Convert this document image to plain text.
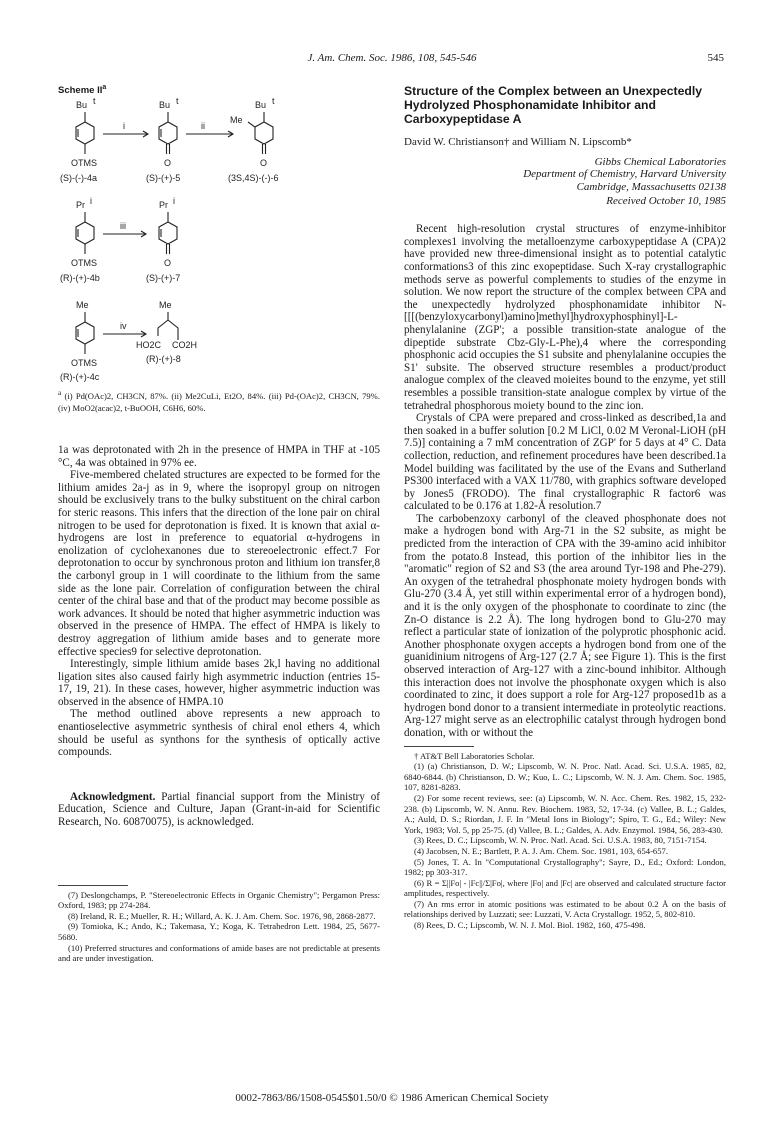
J. Am. Chem. Soc. 1986, 108, 545-546	545
Scheme $II^a$
Bu t	Bu t	Bu t
i	ii
Me
OTMS	O	O
(S)-(-)-4a	(S)-(+)-5	(3S,4S)-(-)-6
Pr i	Pr i
iii
OTMS	O
(R)-(+)-4b	(S)-(+)-7
Me	Me
iv
HO2C CO2H
OTMS	(R)-(+)-8
(R)-(+)-4c
$^a$ (i) Pd(OAc)2, CH3CN, 87%. (ii) Me2CuLi, Et2O, 84%. (iii) Pd-(OAc)2, CH3CN, 79%. (iv) MoO2(acac)2, t-BuOOH, C6H6, 60%.

1a was deprotonated with 2h in the presence of HMPA in THF at -105 °C, 4a was obtained in 97% ee.

Five-membered chelated structures are expected to be formed for the lithium amides 2a-j as in 9, where the isopropyl group on nitrogen should be exclusively trans to the bulky substituent on the chiral carbon for steric reasons. This infers that the direction of the lone pair on chiral nitrogen to be used for deprotonation is fixed. It is known that axial α-hydrogens are lost in preference to equatorial α-hydrogens in enolization of cyclohexanones due to stereoelectronic effect.7 For deprotonation to occur by synchronous proton and lithium ion transfer,8 the carbonyl group in 1 will coordinate to the lithium from the same side as the lone pair. Correlation of configuration between the chiral center of the chiral base and that of the product may become possible as work advances. It should be noted that higher asymmetric induction was observed in the presence of HMPA. The effect of HMPA is likely to destroy aggregation of lithium amide bases and to generate more effective species9 for selective deprotonation.

Interestingly, simple lithium amide bases 2k,l having no additional ligation sites also caused fairly high asymmetric induction (entries 15-17, 19, 21). In these cases, however, higher asymmetric induction was observed in the absence of HMPA.10

The method outlined above represents a new approach to enantioselective asymmetric synthesis of chiral enol ethers 4, which should be useful as synthons for the synthesis of optically active compounds.

Acknowledgment. Partial financial support from the Ministry of Education, Science and Culture, Japan (Grant-in-aid for Scientific Research, No. 60870075), is acknowledged.

(7) Deslongchamps, P. "Stereoelectronic Effects in Organic Chemistry"; Pergamon Press: Oxford, 1983; pp 274-284.

(8) Ireland, R. E.; Mueller, R. H.; Willard, A. K. J. Am. Chem. Soc. 1976, 98, 2868-2877.

(9) Tomioka, K.; Ando, K.; Takemasa, Y.; Koga, K. Tetrahedron Lett. 1984, 25, 5677-5680.

(10) Preferred structures and conformations of amide bases are not predictable at presents and are under investigation.

Structure of the Complex between an Unexpectedly Hydrolyzed Phosphonamidate Inhibitor and Carboxypeptidase A
David W. Christianson† and William N. Lipscomb*
Gibbs Chemical Laboratories
Department of Chemistry, Harvard University
Cambridge, Massachusetts 02138
Received October 10, 1985

Recent high-resolution crystal structures of enzyme-inhibitor complexes1 involving the metalloenzyme carboxypeptidase A (CPA)2 have provided new three-dimensional insight as to potential catalytic conformations3 of this zinc exopeptidase. Such X-ray crystallographic methods serve as powerful complements to studies of the enzyme in solution. We now report the structure of the complex between CPA and the unexpectedly hydrolyzed phosphonamidate inhibitor N-[[[(benzyloxycarbonyl)amino]methyl]hydroxyphosphinyl]-L-phenylalanine (ZGP'; a possible transition-state analogue of the dipeptide substrate Cbz-Gly-L-Phe),4 where the corresponding phosphonic acid occupies the S1 subsite and phenylalanine occupies the S1' subsite. The observed structure resembles a product/product analogue complex of the cleaved moieites bound to the enzyme, yet still resembles a possible transition-state analogue complex by virtue of the tetrahedral phosphorous moiety bound to the zinc ion.

Crystals of CPA were prepared and cross-linked as described,1a and then soaked in a buffer solution [0.2 M LiCl, 0.02 M Veronal-LiOH (pH 7.5)] containing a 7 mM concentration of ZGP' for 5 days at 4° C. Data collection, reduction, and refinement procedures have been described.1a Model building was facilitated by the use of the Evans and Sutherland PS300 interfaced with a VAX 11/780, with graphics software developed by Jones5 (FRODO). The final crystallographic R factor6 was calculated to be 0.176 at 1.82-Å resolution.7

The carbobenzoxy carbonyl of the cleaved phosphonate does not make a hydrogen bond with Arg-71 in the S2 subsite, as might be predicted from the interaction of CPA with the 39-amino acid inhibitor from the potato.8 Instead, this portion of the inhibitor lies in the "aromatic" region of S2 and S3 (the area around Tyr-198 and Phe-279). An oxygen of the tetrahedral phosphonate moiety hydrogen bonds with Glu-270 (3.4 Å, yet still within experimental error of a hydrogen bond), and it is the only oxygen of the phosphonate to coordinate to zinc (the Zn-O distance is 2.2 Å). The long hydrogen bond to Glu-270 may reflect a particular state of ionization of the polyprotic phosphonic acid. Another phosphonate oxygen accepts a hydrogen bond from one of the guanidinium nitrogens of Arg-127 (2.7 Å; see Figure 1). This is the first observed interaction of Arg-127 with a zinc-bound inhibitor. Although this interaction does not involve the phosphonate oxygen which is also coordinated to zinc, it does support a role for Arg-127 proposed1b as a hydrogen bond donor to a transient intermediate in proteolytic reactions. Arg-127 might serve as an electrophilic catalyst through hydrogen bond donation, with or without the

† AT&T Bell Laboratories Scholar.

(1) (a) Christianson, D. W.; Lipscomb, W. N. Proc. Natl. Acad. Sci. U.S.A. 1985, 82, 6840-6844. (b) Christianson, D. W.; Kuo, L. C.; Lipscomb, W. N. J. Am. Chem. Soc. 1985, 107, 8281-8283.

(2) For some recent reviews, see: (a) Lipscomb, W. N. Acc. Chem. Res. 1982, 15, 232-238. (b) Lipscomb, W. N. Annu. Rev. Biochem. 1983, 52, 17-34. (c) Vallee, B. L.; Galdes, A.; Auld, D. S.; Riordan, J. F. In "Metal Ions in Biology"; Spiro, T. G., Ed.; Wiley: New York, 1983; Vol. 5, pp 25-75. (d) Vallee, B. L.; Galdes, A. Adv. Enzymol. 1984, 56, 283-430.

(3) Rees, D. C.; Lipscomb, W. N. Proc. Natl. Acad. Sci. U.S.A. 1983, 80, 7151-7154.

(4) Jacobsen, N. E.; Bartlett, P. A. J. Am. Chem. Soc. 1981, 103, 654-657.

(5) Jones, T. A. In "Computational Crystallography"; Sayre, D., Ed.; Oxford: London, 1982; pp 303-317.

(6) R = Σ||Fo| - |Fc||/Σ|Fo|, where |Fo| and |Fc| are observed and calculated structure factor amplitudes, respectively.

(7) An rms error in atomic positions was estimated to be about 0.2 Å on the basis of relationships derived by Luzzati; see: Luzzati, V. Acta Crystallogr. 1952, 5, 802-810.

(8) Rees, D. C.; Lipscomb, W. N. J. Mol. Biol. 1982, 160, 475-498.

0002-7863/86/1508-0545$01.50/0 © 1986 American Chemical Society
